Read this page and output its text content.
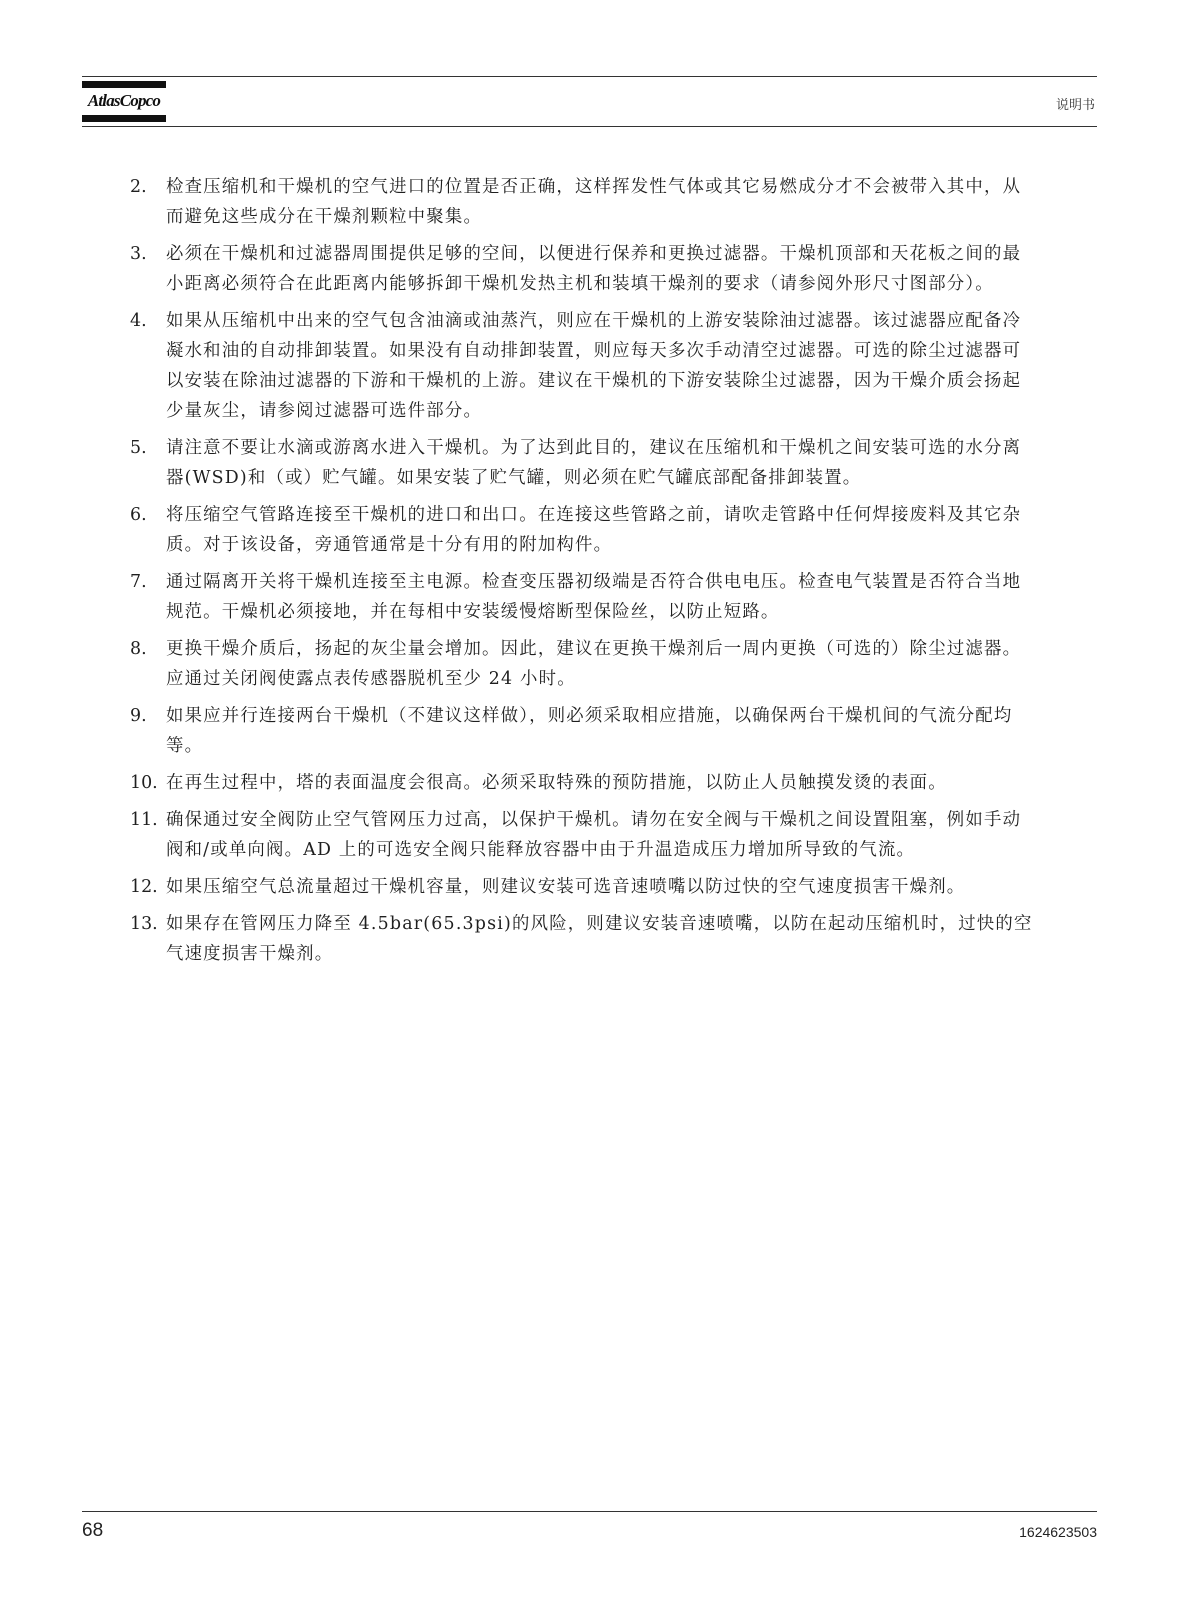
AtlasCopco	说明书
2. 检查压缩机和干燥机的空气进口的位置是否正确，这样挥发性气体或其它易燃成分才不会被带入其中，从而避免这些成分在干燥剂颗粒中聚集。
3. 必须在干燥机和过滤器周围提供足够的空间，以便进行保养和更换过滤器。干燥机顶部和天花板之间的最小距离必须符合在此距离内能够拆卸干燥机发热主机和装填干燥剂的要求（请参阅外形尺寸图部分）。
4. 如果从压缩机中出来的空气包含油滴或油蒸汽，则应在干燥机的上游安装除油过滤器。该过滤器应配备冷凝水和油的自动排卸装置。如果没有自动排卸装置，则应每天多次手动清空过滤器。可选的除尘过滤器可以安装在除油过滤器的下游和干燥机的上游。建议在干燥机的下游安装除尘过滤器，因为干燥介质会扬起少量灰尘，请参阅过滤器可选件部分。
5. 请注意不要让水滴或游离水进入干燥机。为了达到此目的，建议在压缩机和干燥机之间安装可选的水分离器(WSD)和（或）贮气罐。如果安装了贮气罐，则必须在贮气罐底部配备排卸装置。
6. 将压缩空气管路连接至干燥机的进口和出口。在连接这些管路之前，请吹走管路中任何焊接废料及其它杂质。对于该设备，旁通管通常是十分有用的附加构件。
7. 通过隔离开关将干燥机连接至主电源。检查变压器初级端是否符合供电电压。检查电气装置是否符合当地规范。干燥机必须接地，并在每相中安装缓慢熔断型保险丝，以防止短路。
8. 更换干燥介质后，扬起的灰尘量会增加。因此，建议在更换干燥剂后一周内更换（可选的）除尘过滤器。应通过关闭阀使露点表传感器脱机至少 24 小时。
9. 如果应并行连接两台干燥机（不建议这样做），则必须采取相应措施，以确保两台干燥机间的气流分配均等。
10. 在再生过程中，塔的表面温度会很高。必须采取特殊的预防措施，以防止人员触摸发烫的表面。
11. 确保通过安全阀防止空气管网压力过高，以保护干燥机。请勿在安全阀与干燥机之间设置阻塞，例如手动阀和/或单向阀。AD 上的可选安全阀只能释放容器中由于升温造成压力增加所导致的气流。
12. 如果压缩空气总流量超过干燥机容量，则建议安装可选音速喷嘴以防过快的空气速度损害干燥剂。
13. 如果存在管网压力降至 4.5bar(65.3psi)的风险，则建议安装音速喷嘴，以防在起动压缩机时，过快的空气速度损害干燥剂。
68	1624623503
